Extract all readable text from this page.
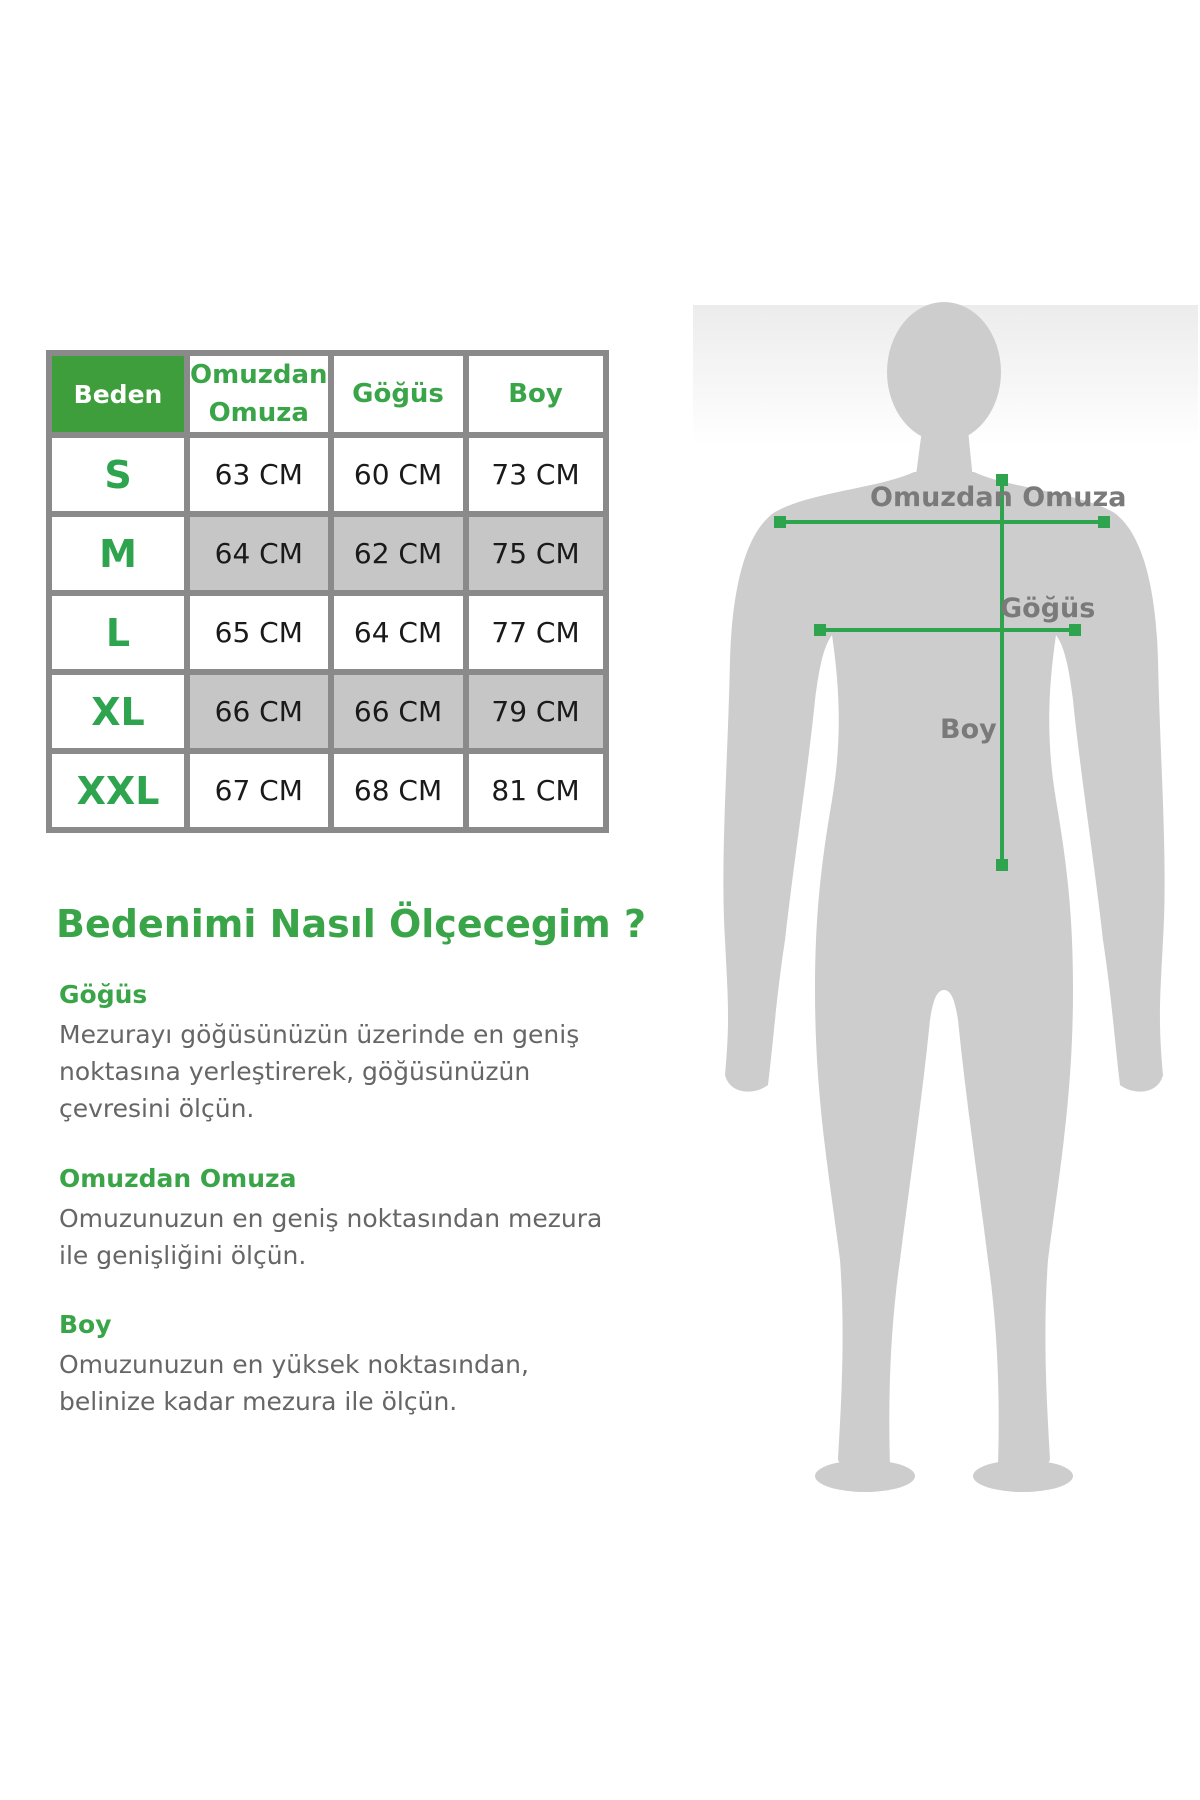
Beden	Omuzdan Omuza	Göğüs	Boy
S	63 CM	60 CM	73 CM
M	64 CM	62 CM	75 CM
L	65 CM	64 CM	77 CM
XL	66 CM	66 CM	79 CM
XXL	67 CM	68 CM	81 CM
Bedenimi Nasıl Ölçecegim ?
Göğüs

Mezurayı göğüsünüzün üzerinde en geniş noktasına yerleştirerek, göğüsünüzün çevresini ölçün.

Omuzdan Omuza

Omuzunuzun en geniş noktasından mezura ile genişliğini ölçün.

Boy

Omuzunuzun en yüksek noktasından, belinize kadar mezura ile ölçün.

Omuzdan Omuza
Göğüs
Boy
